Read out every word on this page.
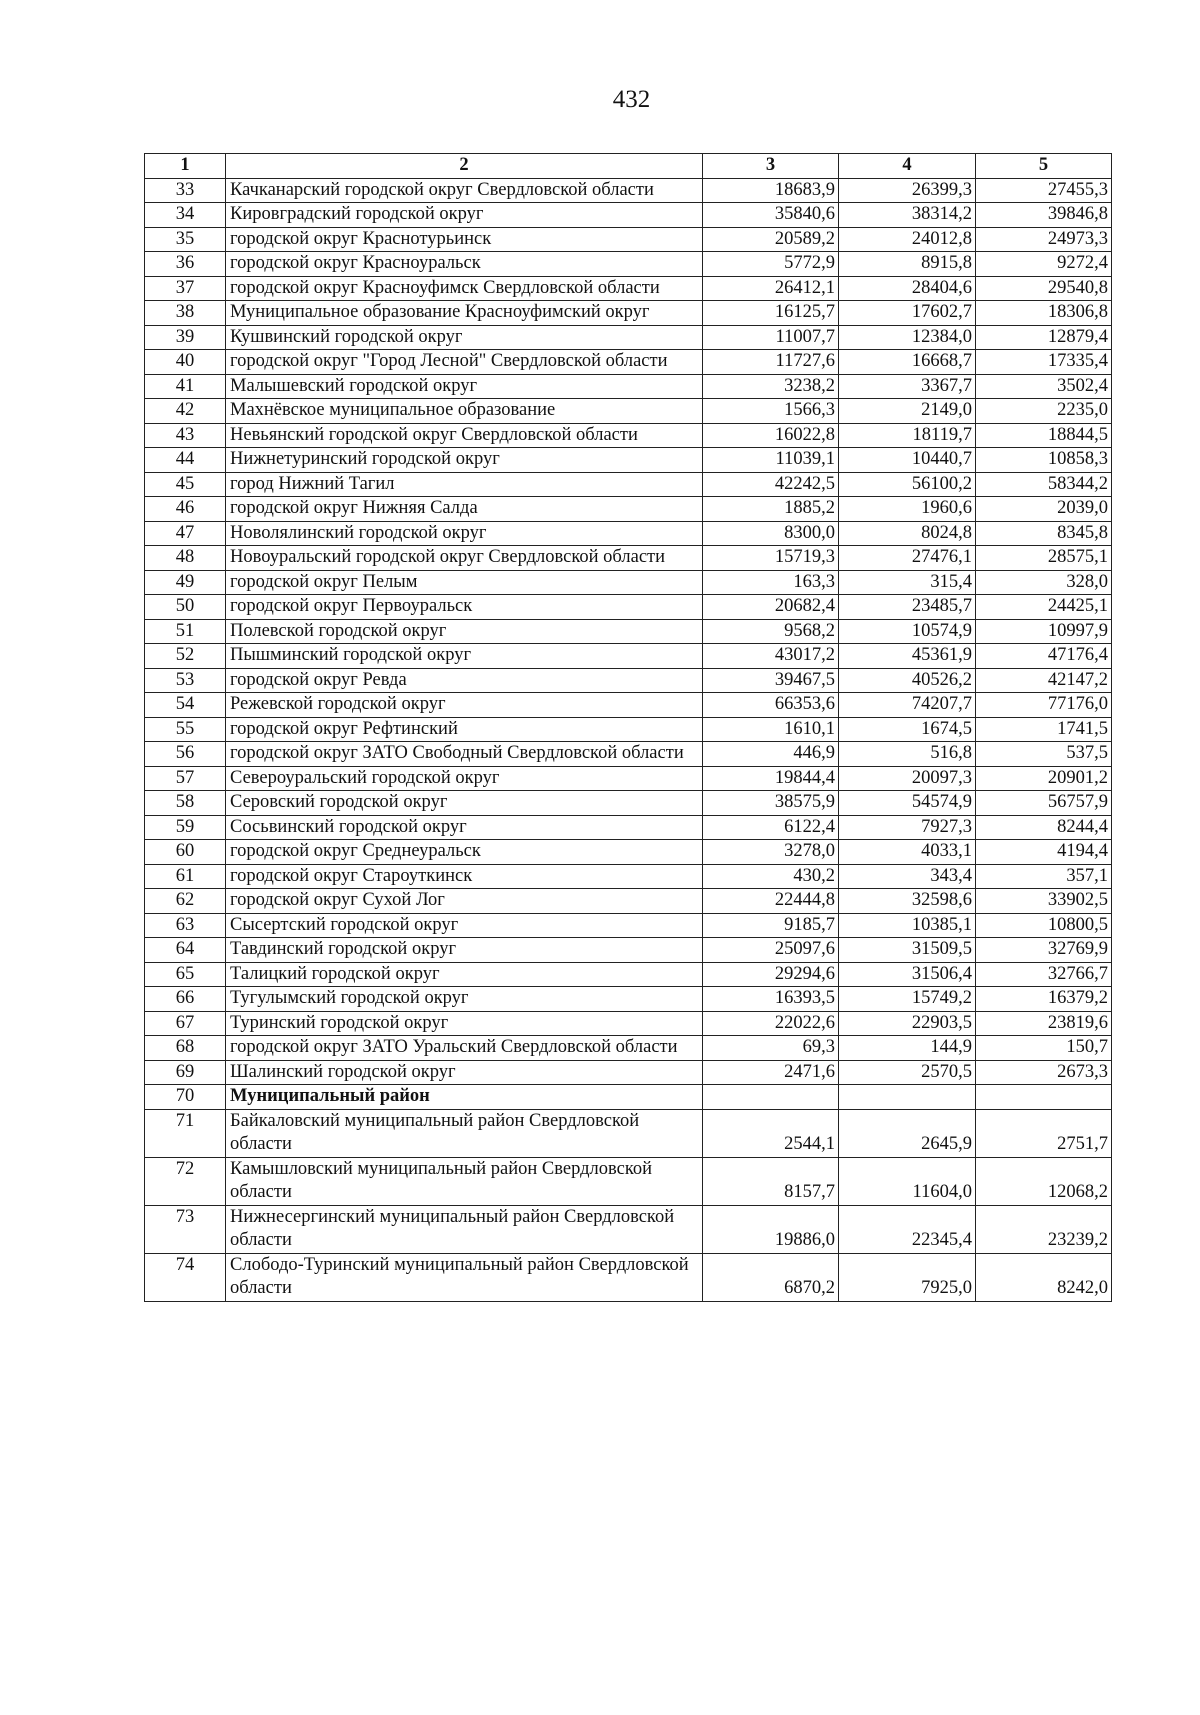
432
1	2	3	4	5
33	Качканарский городской округ Свердловской области	18683,9	26399,3	27455,3
34	Кировградский городской округ	35840,6	38314,2	39846,8
35	городской округ Краснотурьинск	20589,2	24012,8	24973,3
36	городской округ Красноуральск	5772,9	8915,8	9272,4
37	городской округ Красноуфимск Свердловской области	26412,1	28404,6	29540,8
38	Муниципальное образование Красноуфимский округ	16125,7	17602,7	18306,8
39	Кушвинский городской округ	11007,7	12384,0	12879,4
40	городской округ "Город Лесной" Свердловской области	11727,6	16668,7	17335,4
41	Малышевский городской округ	3238,2	3367,7	3502,4
42	Махнёвское муниципальное образование	1566,3	2149,0	2235,0
43	Невьянский городской округ Свердловской области	16022,8	18119,7	18844,5
44	Нижнетуринский городской округ	11039,1	10440,7	10858,3
45	город Нижний Тагил	42242,5	56100,2	58344,2
46	городской округ Нижняя Салда	1885,2	1960,6	2039,0
47	Новолялинский городской округ	8300,0	8024,8	8345,8
48	Новоуральский городской округ Свердловской области	15719,3	27476,1	28575,1
49	городской округ Пелым	163,3	315,4	328,0
50	городской округ Первоуральск	20682,4	23485,7	24425,1
51	Полевской городской округ	9568,2	10574,9	10997,9
52	Пышминский городской округ	43017,2	45361,9	47176,4
53	городской округ Ревда	39467,5	40526,2	42147,2
54	Режевской городской округ	66353,6	74207,7	77176,0
55	городской округ Рефтинский	1610,1	1674,5	1741,5
56	городской округ ЗАТО Свободный Свердловской области	446,9	516,8	537,5
57	Североуральский городской округ	19844,4	20097,3	20901,2
58	Серовский городской округ	38575,9	54574,9	56757,9
59	Сосьвинский городской округ	6122,4	7927,3	8244,4
60	городской округ Среднеуральск	3278,0	4033,1	4194,4
61	городской округ Староуткинск	430,2	343,4	357,1
62	городской округ Сухой Лог	22444,8	32598,6	33902,5
63	Сысертский городской округ	9185,7	10385,1	10800,5
64	Тавдинский городской округ	25097,6	31509,5	32769,9
65	Талицкий городской округ	29294,6	31506,4	32766,7
66	Тугулымский городской округ	16393,5	15749,2	16379,2
67	Туринский городской округ	22022,6	22903,5	23819,6
68	городской округ ЗАТО Уральский Свердловской области	69,3	144,9	150,7
69	Шалинский городской округ	2471,6	2570,5	2673,3
70	Муниципальный район			
71	Байкаловский муниципальный район Свердловской области	2544,1	2645,9	2751,7
72	Камышловский муниципальный район Свердловской области	8157,7	11604,0	12068,2
73	Нижнесергинский муниципальный район Свердловской области	19886,0	22345,4	23239,2
74	Слободо-Туринский муниципальный район Свердловской области	6870,2	7925,0	8242,0
